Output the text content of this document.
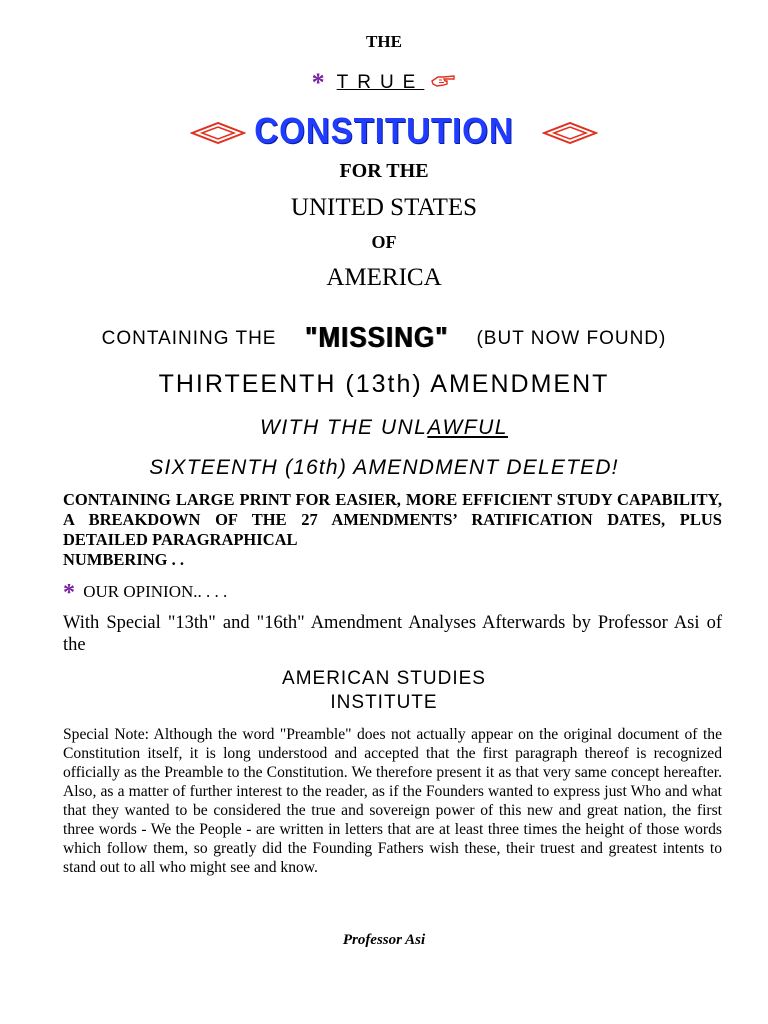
THE
* TRUE
CONSTITUTION
FOR THE
UNITED STATES
OF
AMERICA
CONTAINING THE "MISSING" (BUT NOW FOUND)
THIRTEENTH (13th) AMENDMENT
WITH THE UNLAWFUL
SIXTEENTH (16th) AMENDMENT DELETED!
CONTAINING LARGE PRINT FOR EASIER, MORE EFFICIENT STUDY CAPABILITY, A BREAKDOWN OF THE 27 AMENDMENTS’ RATIFICATION DATES, PLUS DETAILED PARAGRAPHICAL
NUMBERING . .
* OUR OPINION.. . . .
With Special "13th" and "16th" Amendment Analyses Afterwards by Professor Asi of the
AMERICAN STUDIES
INSTITUTE
Special Note: Although the word "Preamble" does not actually appear on the original document of the Constitution itself, it is long understood and accepted that the first paragraph thereof is recognized officially as the Preamble to the Constitution. We therefore present it as that very same concept hereafter. Also, as a matter of further interest to the reader, as if the Founders wanted to express just Who and what that they wanted to be considered the true and sovereign power of this new and great nation, the first three words - We the People - are written in letters that are at least three times the height of those words which follow them, so greatly did the Founding Fathers wish these, their truest and greatest intents to stand out to all who might see and know.
Professor Asi
